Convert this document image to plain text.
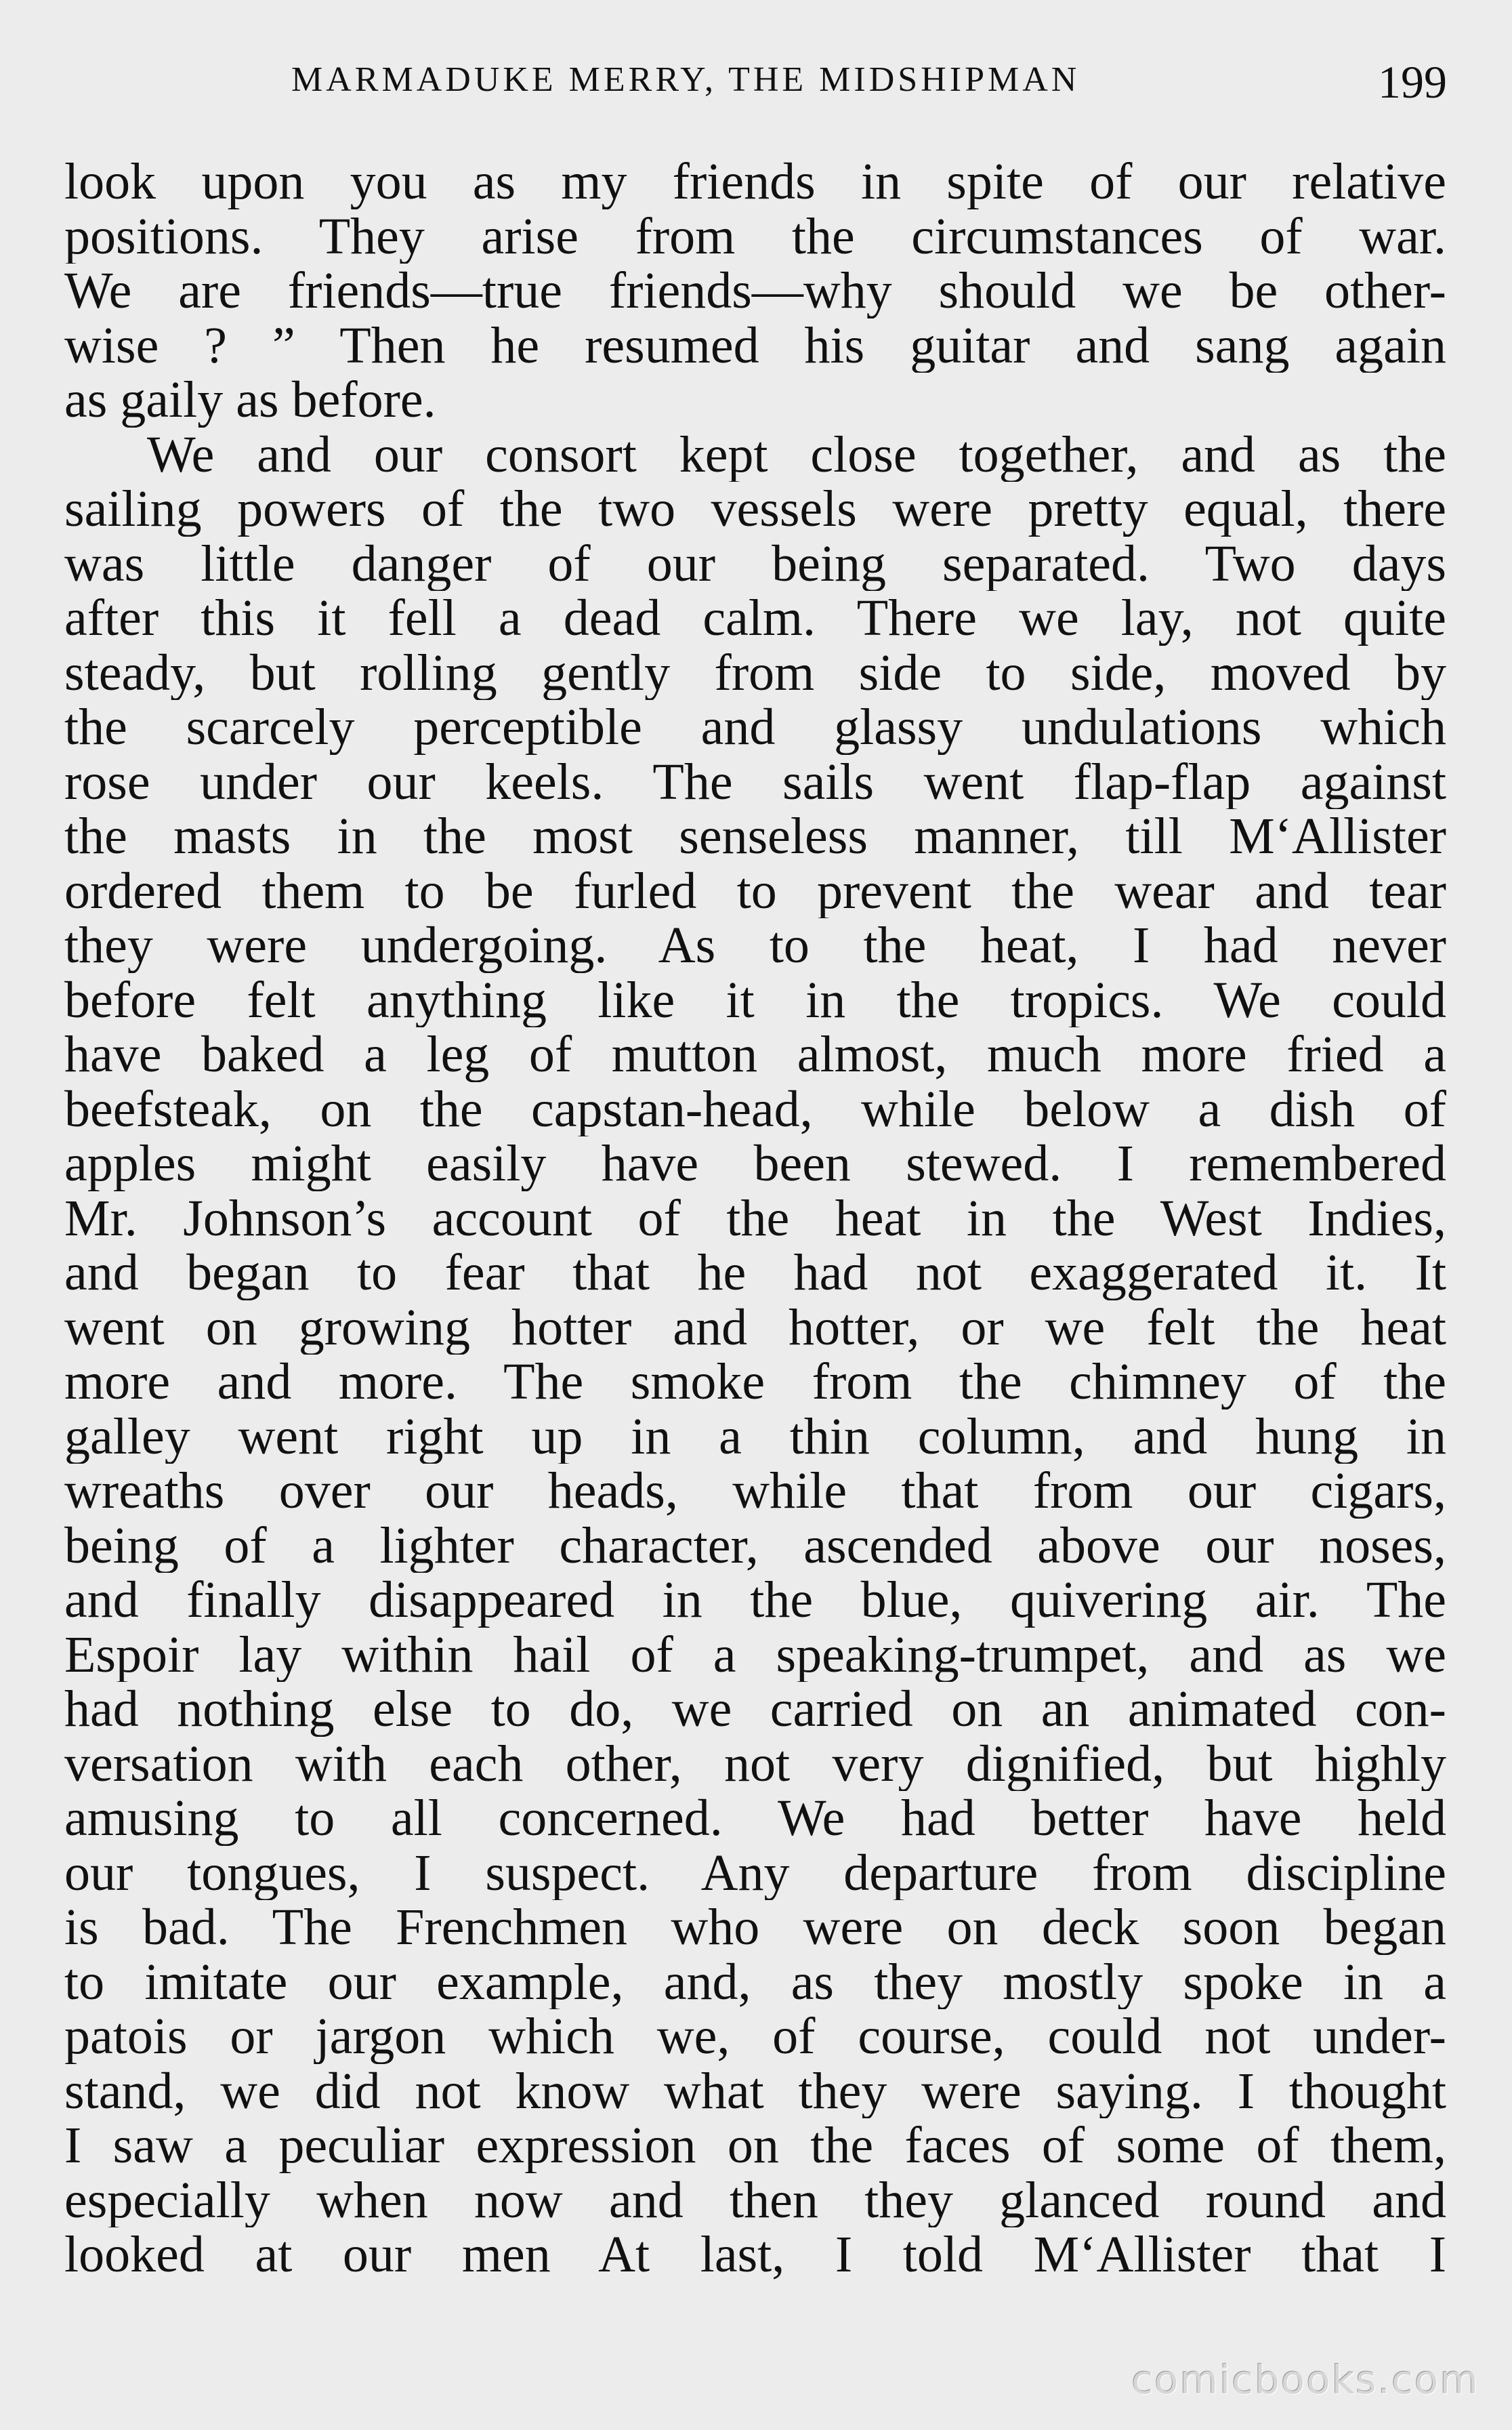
MARMADUKE MERRY, THE MIDSHIPMAN	199
look upon you as my friends in spite of our relative
positions. They arise from the circumstances of war.
We are friends—true friends—why should we be other-
wise ? ” Then he resumed his guitar and sang again
as gaily as before.
We and our consort kept close together, and as the
sailing powers of the two vessels were pretty equal, there
was little danger of our being separated. Two days
after this it fell a dead calm. There we lay, not quite
steady, but rolling gently from side to side, moved by
the scarcely perceptible and glassy undulations which
rose under our keels. The sails went flap-flap against
the masts in the most senseless manner, till M‘Allister
ordered them to be furled to prevent the wear and tear
they were undergoing. As to the heat, I had never
before felt anything like it in the tropics. We could
have baked a leg of mutton almost, much more fried a
beefsteak, on the capstan-head, while below a dish of
apples might easily have been stewed. I remembered
Mr. Johnson’s account of the heat in the West Indies,
and began to fear that he had not exaggerated it. It
went on growing hotter and hotter, or we felt the heat
more and more. The smoke from the chimney of the
galley went right up in a thin column, and hung in
wreaths over our heads, while that from our cigars,
being of a lighter character, ascended above our noses,
and finally disappeared in the blue, quivering air. The
Espoir lay within hail of a speaking-trumpet, and as we
had nothing else to do, we carried on an animated con-
versation with each other, not very dignified, but highly
amusing to all concerned. We had better have held
our tongues, I suspect. Any departure from discipline
is bad. The Frenchmen who were on deck soon began
to imitate our example, and, as they mostly spoke in a
patois or jargon which we, of course, could not under-
stand, we did not know what they were saying. I thought
I saw a peculiar expression on the faces of some of them,
especially when now and then they glanced round and
looked at our men At last, I told M‘Allister that I
comicbooks.com
